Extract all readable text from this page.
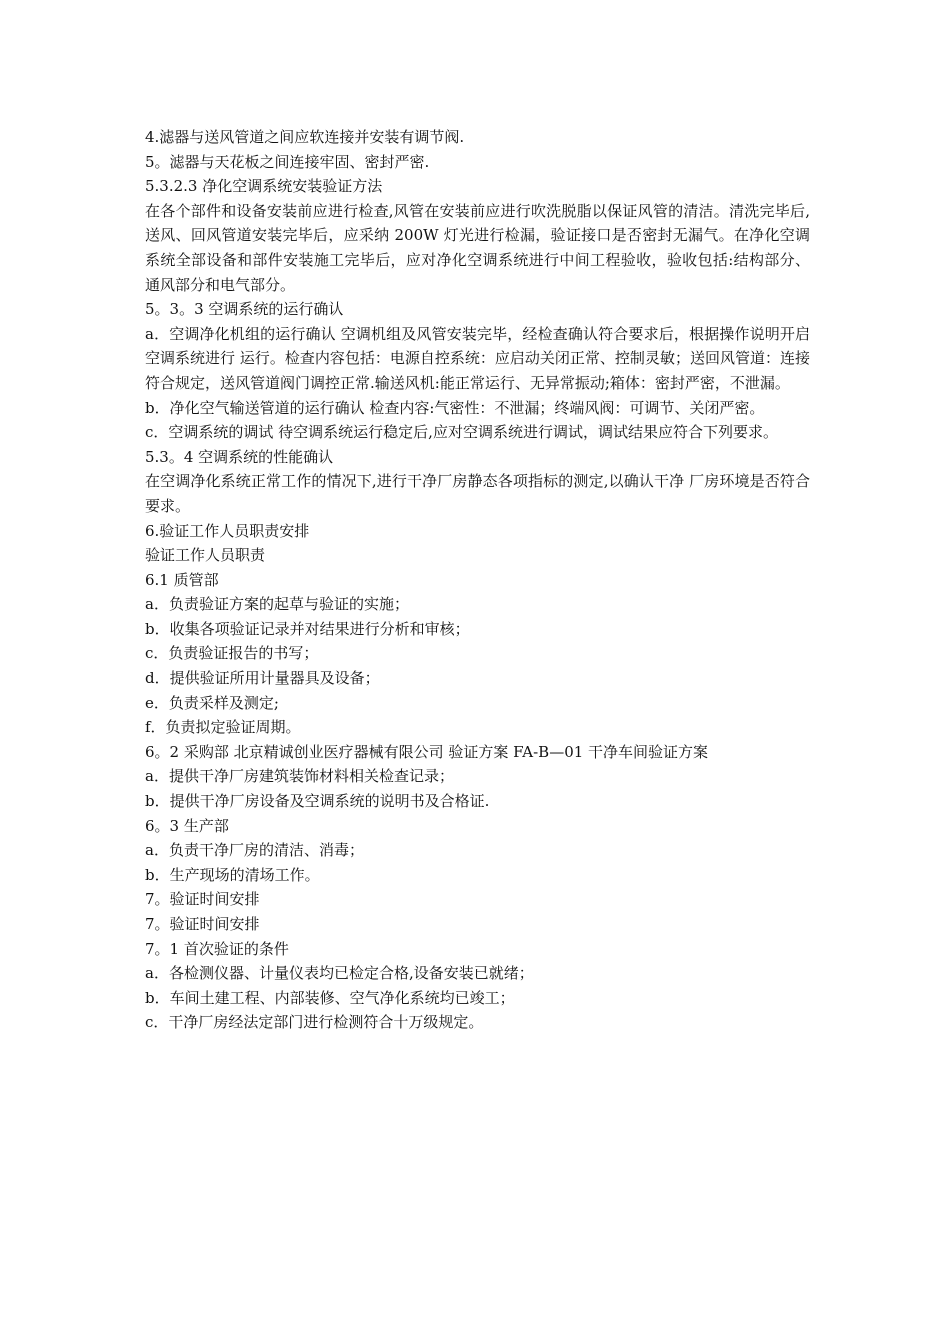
4.滤器与送风管道之间应软连接并安装有调节阀.

5。滤器与天花板之间连接牢固、密封严密.

5.3.2.3 净化空调系统安装验证方法

在各个部件和设备安装前应进行检查,风管在安装前应进行吹洗脱脂以保证风管的清洁。清洗完毕后,送风、回风管道安装完毕后，应采纳 200W 灯光进行检漏，验证接口是否密封无漏气。在净化空调系统全部设备和部件安装施工完毕后，应对净化空调系统进行中间工程验收，验收包括:结构部分、通风部分和电气部分。

5。3。3 空调系统的运行确认

a．空调净化机组的运行确认 空调机组及风管安装完毕，经检查确认符合要求后，根据操作说明开启空调系统进行 运行。检查内容包括：电源自控系统：应启动关闭正常、控制灵敏；送回风管道：连接符合规定，送风管道阀门调控正常.输送风机:能正常运行、无异常振动;箱体：密封严密，不泄漏。

b．净化空气输送管道的运行确认 检查内容:气密性：不泄漏；终端风阀：可调节、关闭严密。

c．空调系统的调试 待空调系统运行稳定后,应对空调系统进行调试，调试结果应符合下列要求。

5.3。4 空调系统的性能确认

在空调净化系统正常工作的情况下,进行干净厂房静态各项指标的测定,以确认干净 厂房环境是否符合要求。

6.验证工作人员职责安排

验证工作人员职责

6.1 质管部

a．负责验证方案的起草与验证的实施；

b．收集各项验证记录并对结果进行分析和审核；

c．负责验证报告的书写；

d．提供验证所用计量器具及设备；

e．负责采样及测定;

f．负责拟定验证周期。

6。2 采购部 北京精诚创业医疗器械有限公司 验证方案 FA-B—01 干净车间验证方案

a．提供干净厂房建筑装饰材料相关检查记录；

b．提供干净厂房设备及空调系统的说明书及合格证.

6。3 生产部

a．负责干净厂房的清洁、消毒；

b．生产现场的清场工作。

7。验证时间安排

7。验证时间安排

7。1 首次验证的条件

a．各检测仪器、计量仪表均已检定合格,设备安装已就绪；

b．车间土建工程、内部装修、空气净化系统均已竣工；

c．干净厂房经法定部门进行检测符合十万级规定。
